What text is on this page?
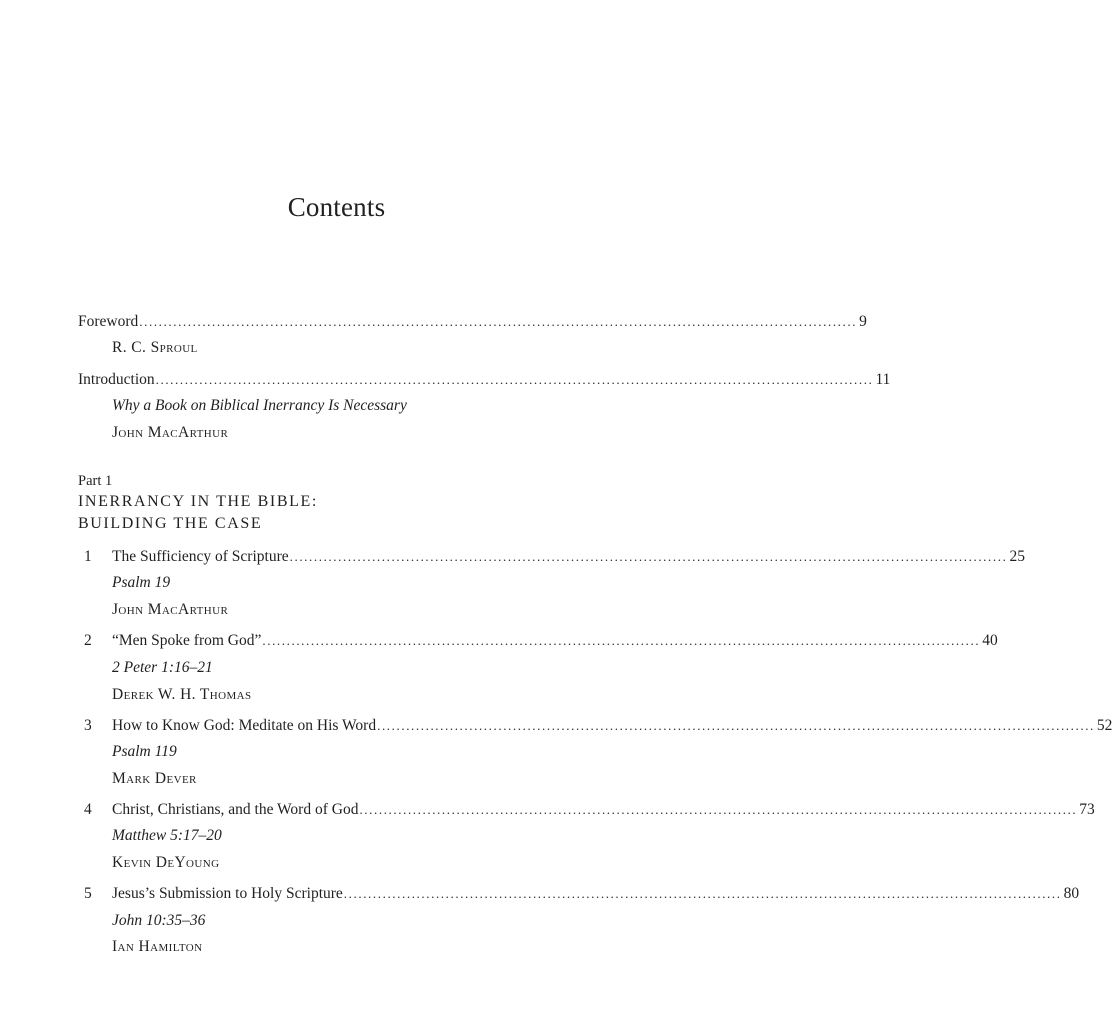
Contents
Foreword .................................................................................................................................................... 9
R. C. Sproul
Introduction .................................................................................................................................................... 11
Why a Book on Biblical Inerrancy Is Necessary
John MacArthur
Part 1
INERRANCY IN THE BIBLE:
BUILDING THE CASE
1 The Sufficiency of Scripture .................................................................................................................................................... 25
Psalm 19
John MacArthur
2 “Men Spoke from God” .................................................................................................................................................... 40
2 Peter 1:16–21
Derek W. H. Thomas
3 How to Know God: Meditate on His Word .................................................................................................................................................... 52
Psalm 119
Mark Dever
4 Christ, Christians, and the Word of God .................................................................................................................................................... 73
Matthew 5:17–20
Kevin DeYoung
5 Jesus’s Submission to Holy Scripture .................................................................................................................................................... 80
John 10:35–36
Ian Hamilton
